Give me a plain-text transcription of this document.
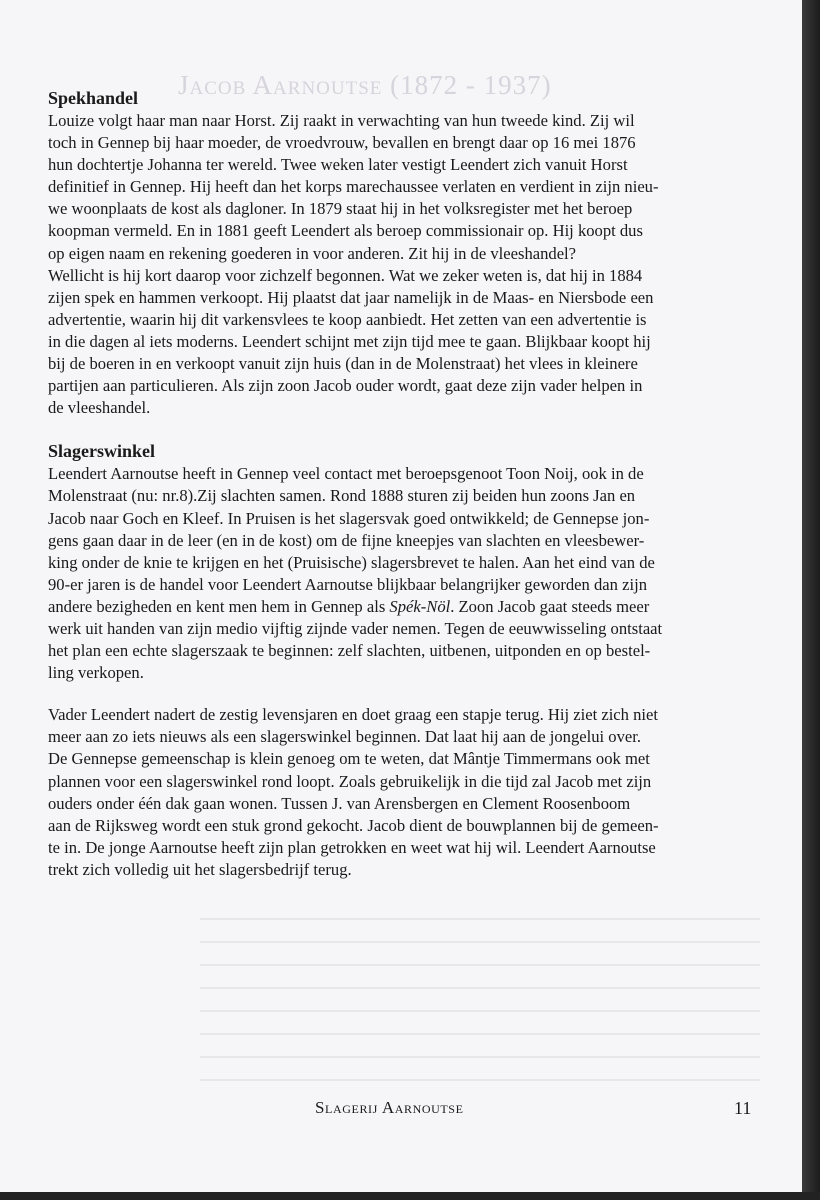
Jacob Aarnoutse (1872 - 1937)
Spekhandel

Louize volgt haar man naar Horst. Zij raakt in verwachting van hun tweede kind. Zij wil
toch in Gennep bij haar moeder, de vroedvrouw, bevallen en brengt daar op 16 mei 1876
hun dochtertje Johanna ter wereld. Twee weken later vestigt Leendert zich vanuit Horst
definitief in Gennep. Hij heeft dan het korps marechaussee verlaten en verdient in zijn nieu-
we woonplaats de kost als dagloner. In 1879 staat hij in het volksregister met het beroep
koopman vermeld. En in 1881 geeft Leendert als beroep commissionair op. Hij koopt dus
op eigen naam en rekening goederen in voor anderen. Zit hij in de vleeshandel?
Wellicht is hij kort daarop voor zichzelf begonnen. Wat we zeker weten is, dat hij in 1884
zijen spek en hammen verkoopt. Hij plaatst dat jaar namelijk in de Maas- en Niersbode een
advertentie, waarin hij dit varkensvlees te koop aanbiedt. Het zetten van een advertentie is
in die dagen al iets moderns. Leendert schijnt met zijn tijd mee te gaan. Blijkbaar koopt hij
bij de boeren in en verkoopt vanuit zijn huis (dan in de Molenstraat) het vlees in kleinere
partijen aan particulieren. Als zijn zoon Jacob ouder wordt, gaat deze zijn vader helpen in
de vleeshandel.

Slagerswinkel

Leendert Aarnoutse heeft in Gennep veel contact met beroepsgenoot Toon Noij, ook in de
Molenstraat (nu: nr.8).Zij slachten samen. Rond 1888 sturen zij beiden hun zoons Jan en
Jacob naar Goch en Kleef. In Pruisen is het slagersvak goed ontwikkeld; de Gennepse jon-
gens gaan daar in de leer (en in de kost) om de fijne kneepjes van slachten en vleesbewer-
king onder de knie te krijgen en het (Pruisische) slagersbrevet te halen. Aan het eind van de
90-er jaren is de handel voor Leendert Aarnoutse blijkbaar belangrijker geworden dan zijn
andere bezigheden en kent men hem in Gennep als Spék-Nöl. Zoon Jacob gaat steeds meer
werk uit handen van zijn medio vijftig zijnde vader nemen. Tegen de eeuwwisseling ontstaat
het plan een echte slagerszaak te beginnen: zelf slachten, uitbenen, uitponden en op bestel-
ling verkopen.

Vader Leendert nadert de zestig levensjaren en doet graag een stapje terug. Hij ziet zich niet
meer aan zo iets nieuws als een slagerswinkel beginnen. Dat laat hij aan de jongelui over.
De Gennepse gemeenschap is klein genoeg om te weten, dat Mântje Timmermans ook met
plannen voor een slagerswinkel rond loopt. Zoals gebruikelijk in die tijd zal Jacob met zijn
ouders onder één dak gaan wonen. Tussen J. van Arensbergen en Clement Roosenboom
aan de Rijksweg wordt een stuk grond gekocht. Jacob dient de bouwplannen bij de gemeen-
te in. De jonge Aarnoutse heeft zijn plan getrokken en weet wat hij wil. Leendert Aarnoutse
trekt zich volledig uit het slagersbedrijf terug.

Slagerij Aarnoutse	11
